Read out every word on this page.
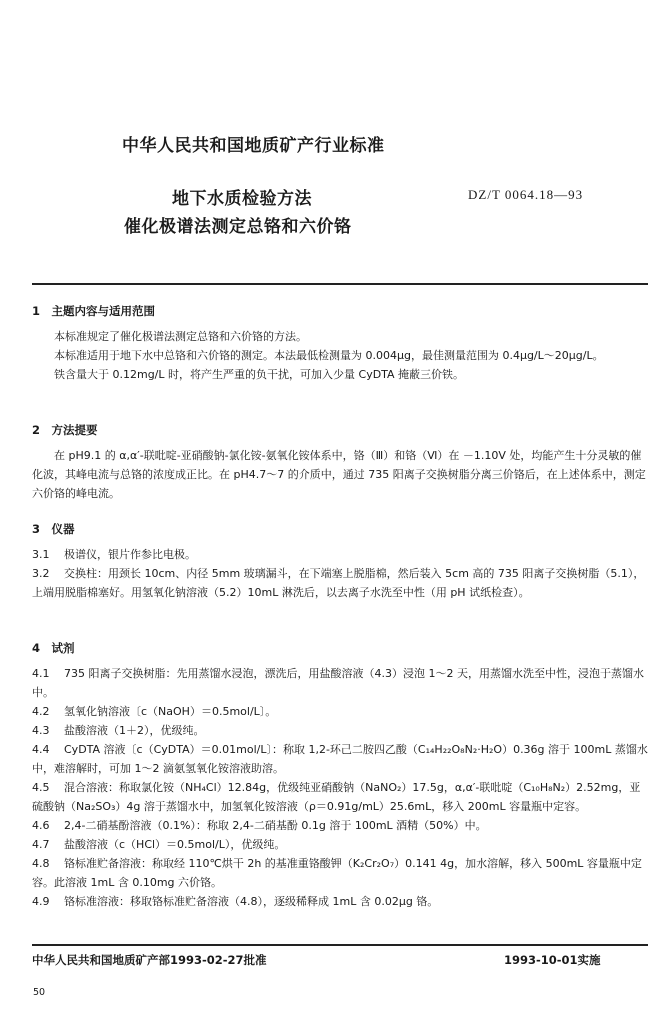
中华人民共和国地质矿产行业标准
地下水质检验方法
催化极谱法测定总铬和六价铬
DZ/T 0064.18—93
1　主题内容与适用范围
本标准规定了催化极谱法测定总铬和六价铬的方法。
本标准适用于地下水中总铬和六价铬的测定。本法最低检测量为 0.004μg，最佳测量范围为 0.4μg/L～20μg/L。
铁含量大于 0.12mg/L 时，将产生严重的负干扰，可加入少量 CyDTA 掩蔽三价铁。
2　方法提要
在 pH9.1 的 α,α′-联吡啶-亚硝酸钠-氯化铵-氨氧化铵体系中，铬（Ⅲ）和铬（Ⅵ）在 －1.10V 处，均能产生十分灵敏的催化波，其峰电流与总铬的浓度成正比。在 pH4.7～7 的介质中，通过 735 阳离子交换树脂分离三价铬后，在上述体系中，测定六价铬的峰电流。
3　仪器
3.1 极谱仪，银片作参比电极。
3.2 交换柱：用颈长 10cm、内径 5mm 玻璃漏斗，在下端塞上脱脂棉，然后装入 5cm 高的 735 阳离子交换树脂（5.1），上端用脱脂棉塞好。用氢氧化钠溶液（5.2）10mL 淋洗后，以去离子水洗至中性（用 pH 试纸检查）。
4　试剂
4.1 735 阳离子交换树脂：先用蒸馏水浸泡，漂洗后，用盐酸溶液（4.3）浸泡 1～2 天，用蒸馏水洗至中性，浸泡于蒸馏水中。
4.2 氢氧化钠溶液〔c（NaOH）＝0.5mol/L〕。
4.3 盐酸溶液（1＋2），优级纯。
4.4 CyDTA 溶液〔c（CyDTA）＝0.01mol/L〕：称取 1,2-环己二胺四乙酸（C₁₄H₂₂O₈N₂·H₂O）0.36g 溶于 100mL 蒸馏水中，难溶解时，可加 1～2 滴氨氢氧化铵溶液助溶。
4.5 混合溶液：称取氯化铵（NH₄Cl）12.84g，优级纯亚硝酸钠（NaNO₂）17.5g，α,α′-联吡啶（C₁₀H₈N₂）2.52mg，亚硫酸钠（Na₂SO₃）4g 溶于蒸馏水中，加氢氧化铵溶液（ρ＝0.91g/mL）25.6mL，移入 200mL 容量瓶中定容。
4.6 2,4-二硝基酚溶液（0.1%）：称取 2,4-二硝基酚 0.1g 溶于 100mL 酒精（50%）中。
4.7 盐酸溶液（c（HCl）＝0.5mol/L），优级纯。
4.8 铬标准贮备溶液：称取经 110℃烘干 2h 的基准重铬酸钾（K₂Cr₂O₇）0.141 4g，加水溶解，移入 500mL 容量瓶中定容。此溶液 1mL 含 0.10mg 六价铬。
4.9 铬标准溶液：移取铬标准贮备溶液（4.8），逐级稀释成 1mL 含 0.02μg 铬。
中华人民共和国地质矿产部1993-02-27批准	1993-10-01实施
50
